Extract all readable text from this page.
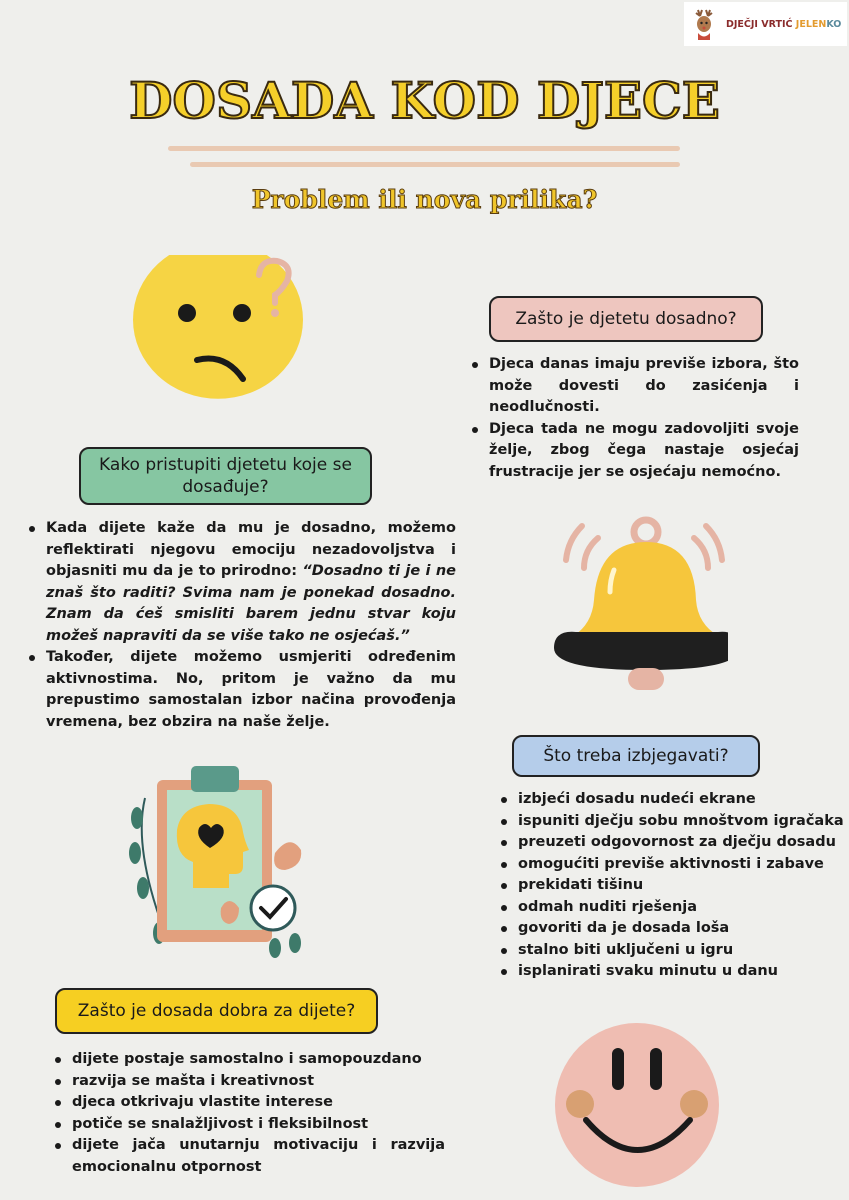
DJEČJI VRTIĆ JELENKO
DOSADA KOD DJECE
Problem ili nova prilika?
Zašto je djetetu dosadno?
Djeca danas imaju previše izbora, što može dovesti do zasićenja i neodlučnosti.
Djeca tada ne mogu zadovoljiti svoje želje, zbog čega nastaje osjećaj frustracije jer se osjećaju nemoćno.
Kako pristupiti djetetu koje se dosađuje?
Kada dijete kaže da mu je dosadno, možemo reflektirati njegovu emociju nezadovoljstva i objasniti mu da je to prirodno: “Dosadno ti je i ne znaš što raditi? Svima nam je ponekad dosadno. Znam da ćeš smisliti barem jednu stvar koju možeš napraviti da se više tako ne osjećaš.”
Također, dijete možemo usmjeriti određenim aktivnostima. No, pritom je važno da mu prepustimo samostalan izbor načina provođenja vremena, bez obzira na naše želje.
Što treba izbjegavati?
izbjeći dosadu nudeći ekrane
ispuniti dječju sobu mnoštvom igračaka
preuzeti odgovornost za dječju dosadu
omogućiti previše aktivnosti i zabave
prekidati tišinu
odmah nuditi rješenja
govoriti da je dosada loša
stalno biti uključeni u igru
isplanirati svaku minutu u danu
Zašto je dosada dobra za dijete?
dijete postaje samostalno i samopouzdano
razvija se mašta i kreativnost
djeca otkrivaju vlastite interese
potiče se snalažljivost i fleksibilnost
dijete jača unutarnju motivaciju i razvija emocionalnu otpornost
